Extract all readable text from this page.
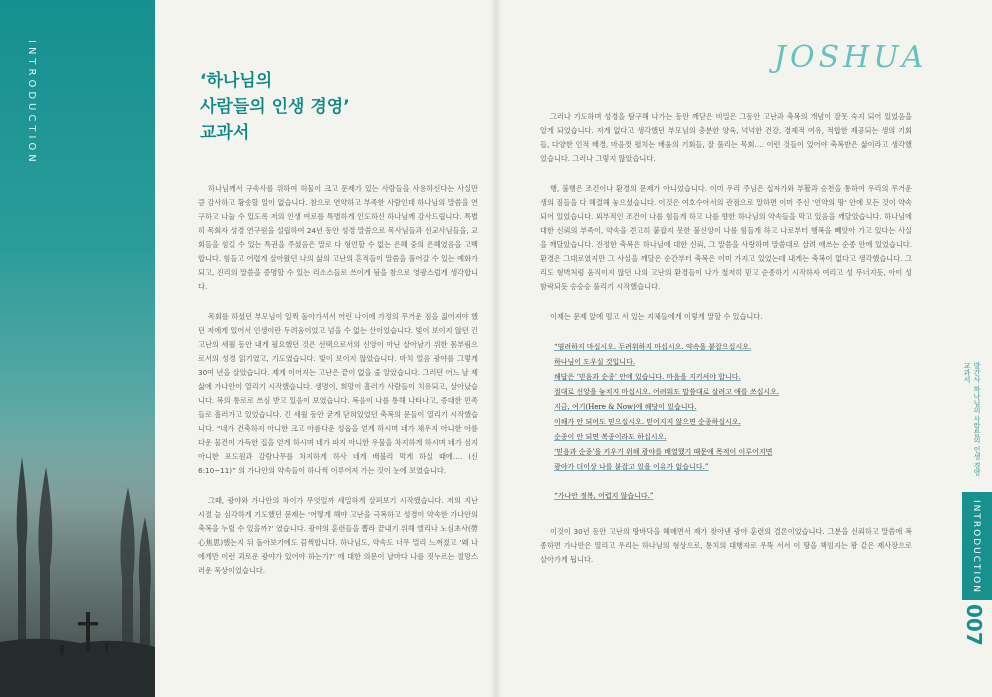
INTRODUCTION	‘하나님의
사람들의 인생 경영’
교과서

하나님께서 구속사를 위하여 허물이 크고 문제가 있는 사람들을 사용하신다는 사실만큼 감사하고 황송할 일이 없습니다. 참으로 연약하고 부족한 사람인데 하나님의 말씀을 연구하고 나눌 수 있도록 저의 인생 여로를 특별하게 인도하신 하나님께 감사드립니다. 특별히 목회자 성경 연구원을 설립하여 24년 동안 성경 말씀으로 목사님들과 선교사님들을, 교회들을 섬길 수 있는 특권을 주셨음은 말로 다 형언할 수 없는 은혜 중의 은혜였음을 고백합니다. 힘들고 어렵게 살아왔던 나의 삶의 고난의 흔적들이 말씀을 풀어갈 수 있는 예화가 되고, 진리의 말씀을 증명할 수 있는 리소스들로 쓰이게 됨을 참으로 영광스럽게 생각합니다.

목회를 하셨던 부모님이 일찍 돌아가셔서 어린 나이에 가정의 무거운 짐을 짊어져야 했던 저에게 있어서 인생이란 두려움이었고 넘을 수 없는 산이었습니다. 빛이 보이지 않던 긴 고난의 세월 동안 내게 필요했던 것은 선택으로서의 신앙이 아닌 살아남기 위한 몸부림으로서의 성경 읽기였고, 기도였습니다. 빛이 보이지 않았습니다. 마치 얼음 광야를 그렇게 30여 년을 살았습니다. 제게 이어지는 고난은 끝이 없을 줄 알았습니다. 그러던 어느 날 제 삶에 가나안이 열리기 시작했습니다. 생명이, 희망이 흘러가 사람들이 치유되고, 살아났습니다. 복의 통로로 쓰심 받고 있음이 보였습니다. 복음이 나를 통해 나타나고, 증대한 민족들로 흘러가고 있었습니다. 긴 세월 동안 굳게 닫혀있었던 축복의 문들이 열리기 시작했습니다. “네가 건축하지 아니한 크고 아름다운 성읍을 얻게 하시며 네가 채우지 아니한 아름다운 물건이 가득한 집을 얻게 하시며 네가 파지 아니한 우물을 차지하게 하시며 네가 심지 아니한 포도원과 감람나무를 차지하게 하사 네게 배불리 먹게 하실 때에…. (신 6:10~11)” 의 가나안의 약속들이 하나씩 이루어져 가는 것이 눈에 보였습니다.

그때, 광야와 가나안의 차이가 무엇일까 세밀하게 살펴보기 시작했습니다. 저의 지난 시절 늘 심각하게 기도했던 문제는 ‘어떻게 해야 고난을 극복하고 성경이 약속한 가나안의 축복을 누릴 수 있을까?’ 였습니다. 광야의 훈련들을 뽑라 끝내기 위해 엘리나 노심초사(勞心焦思)했는지 뒤 돌아보기에도 끔찍합니다. 하나님도, 약속도 너무 멀리 느껴졌고 ‘왜 나에게만 이런 괴로운 광야가 있어야 하는가?’ 에 대한 의문이 날마다 나를 짓누르는 절망스러운 묵상이었습니다.

JOSHUA

그러나 기도하며 성경을 탐구해 나가는 동안 깨닫은 비밀은 그동안 고난과 축복의 개념이 잘못 숙지 되어 있었음을 알게 되었습니다. 저게 없다고 생각했던 부모님의 충분한 양육, 넉넉한 건강, 경제적 여유, 적합한 제공되는 생의 기회들, 다양한 인적 배경, 마음껏 펼치는 배움의 기회들, 잘 풀리는 목회…. 이런 것들이 있어야 축복받은 삶이라고 생각했었습니다. 그러나 그렇지 않았습니다.

행, 불행은 조건이나 환경의 문제가 아니었습니다. 이미 우리 주님은 십자가와 부활과 승천을 통하여 우리의 무거운 생의 짐들을 다 해결해 놓으셨습니다. 이것은 여호수아서의 관점으로 말하면 이미 주신 ‘언약의 땅’ 안에 모든 것이 약속되어 있었습니다. 외부적인 조건이 나를 힘들게 하고 나를 향한 하나님의 약속들을 막고 있음을 깨달았습니다. 하나님에 대한 신뢰의 부족이, 약속을 견고히 붙잡지 못한 불신앙이 나를 힘들게 하고 나로부터 행복을 빼앗아 가고 있다는 사실을 깨달았습니다. 진정한 축복은 하나님에 대한 신뢰, 그 말씀을 사랑하며 말씀대로 살려 애쓰는 순종 안에 있었습니다. 환경은 그대로였지만 그 사실을 깨달은 순간부터 축복은 이미 가지고 있었는데 내게는 축복이 없다고 생각했습니다. 그리도 형벽처럼 움직이지 않던 나의 고난의 환경들이 나가 철저히 믿고 순종하기 시작하자 여리고 성 무너지듯, 아이 성 함락되듯 승승승 풀리기 시작했습니다.

이제는 문제 앞에 떨고 서 있는 지체들에게 이렇게 말할 수 있습니다.

“염려하지 마십시오. 두려워하지 마십시오. 약속을 붙잡으십시오.
하나님이 도우실 것입니다.
해답은 ‘믿음과 순종’ 안에 있습니다. 마음을 지키셔야 합니다.
절대로 신앙을 놓치지 마십시오. 어려워도 말씀대로 살려고 애를 쓰십시오.
지금, 여기(Here & Now)에 해당이 있습니다.
이해가 안 되어도 믿으십시오. 믿어지지 않으면 순종하십시오.
순종이 안 되면 복종이라도 하십시오.
‘믿음과 순종’을 키우기 위해 광야를 배열했기 때문에 목적이 이루어지면
광야가 더이상 나를 붙잡고 있을 이유가 없습니다.”
“가나안 정복, 어렵지 않습니다.”

이것이 30년 동안 고난의 땅바닥을 헤매면서 제가 찾아낸 광야 훈련의 결론이었습니다. 그분을 신뢰하고 말씀에 복종하면 가나안은 열리고 우리는 하나님의 형상으로, 통치의 대행자로 우뚝 서서 이 땅을 책임지는 왕 같은 제사장으로 살아가게 됩니다.

발간사 하나님의 사람들의 인생 경영 교과서
INTRODUCTION
007
